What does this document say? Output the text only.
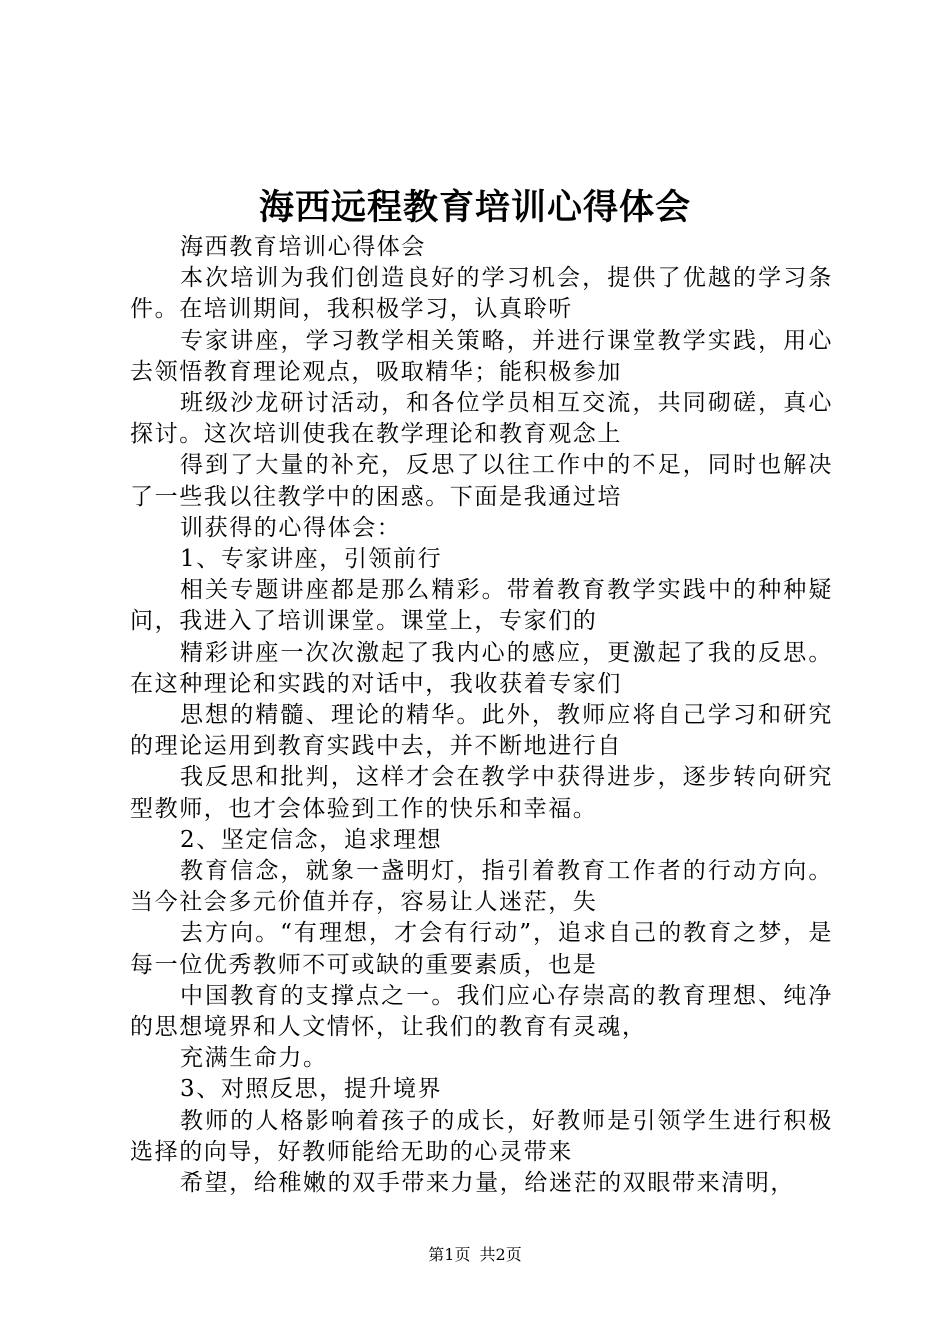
海西远程教育培训心得体会

海西教育培训心得体会

本次培训为我们创造良好的学习机会，提供了优越的学习条件。在培训期间，我积极学习，认真聆听

专家讲座，学习教学相关策略，并进行课堂教学实践，用心去领悟教育理论观点，吸取精华；能积极参加

班级沙龙研讨活动，和各位学员相互交流，共同砌磋，真心探讨。这次培训使我在教学理论和教育观念上

得到了大量的补充，反思了以往工作中的不足，同时也解决了一些我以往教学中的困惑。下面是我通过培

训获得的心得体会：

1、专家讲座，引领前行

相关专题讲座都是那么精彩。带着教育教学实践中的种种疑问，我进入了培训课堂。课堂上，专家们的

精彩讲座一次次激起了我内心的感应，更激起了我的反思。在这种理论和实践的对话中，我收获着专家们

思想的精髓、理论的精华。此外，教师应将自己学习和研究的理论运用到教育实践中去，并不断地进行自

我反思和批判，这样才会在教学中获得进步，逐步转向研究型教师，也才会体验到工作的快乐和幸福。

2、坚定信念，追求理想

教育信念，就象一盏明灯，指引着教育工作者的行动方向。当今社会多元价值并存，容易让人迷茫，失

去方向。“有理想，才会有行动”，追求自己的教育之梦，是每一位优秀教师不可或缺的重要素质，也是

中国教育的支撑点之一。我们应心存崇高的教育理想、纯净的思想境界和人文情怀，让我们的教育有灵魂，

充满生命力。

3、对照反思，提升境界

教师的人格影响着孩子的成长，好教师是引领学生进行积极选择的向导，好教师能给无助的心灵带来

希望，给稚嫩的双手带来力量，给迷茫的双眼带来清明，

第1页 共2页
